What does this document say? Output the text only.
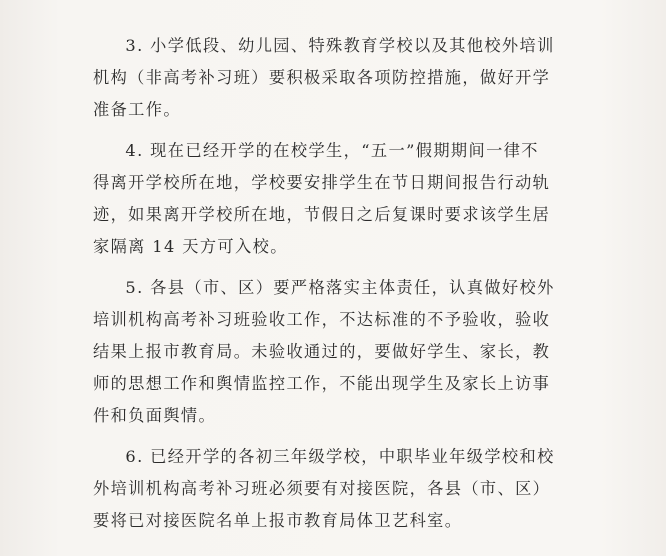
3. 小学低段、幼儿园、特殊教育学校以及其他校外培训
机构（非高考补习班）要积极采取各项防控措施，做好开学
准备工作。

4. 现在已经开学的在校学生，“五一”假期期间一律不
得离开学校所在地，学校要安排学生在节日期间报告行动轨
迹，如果离开学校所在地，节假日之后复课时要求该学生居
家隔离 14 天方可入校。

5. 各县（市、区）要严格落实主体责任，认真做好校外
培训机构高考补习班验收工作，不达标准的不予验收，验收
结果上报市教育局。未验收通过的，要做好学生、家长，教
师的思想工作和舆情监控工作，不能出现学生及家长上访事
件和负面舆情。

6. 已经开学的各初三年级学校，中职毕业年级学校和校
外培训机构高考补习班必须要有对接医院，各县（市、区）
要将已对接医院名单上报市教育局体卫艺科室。
